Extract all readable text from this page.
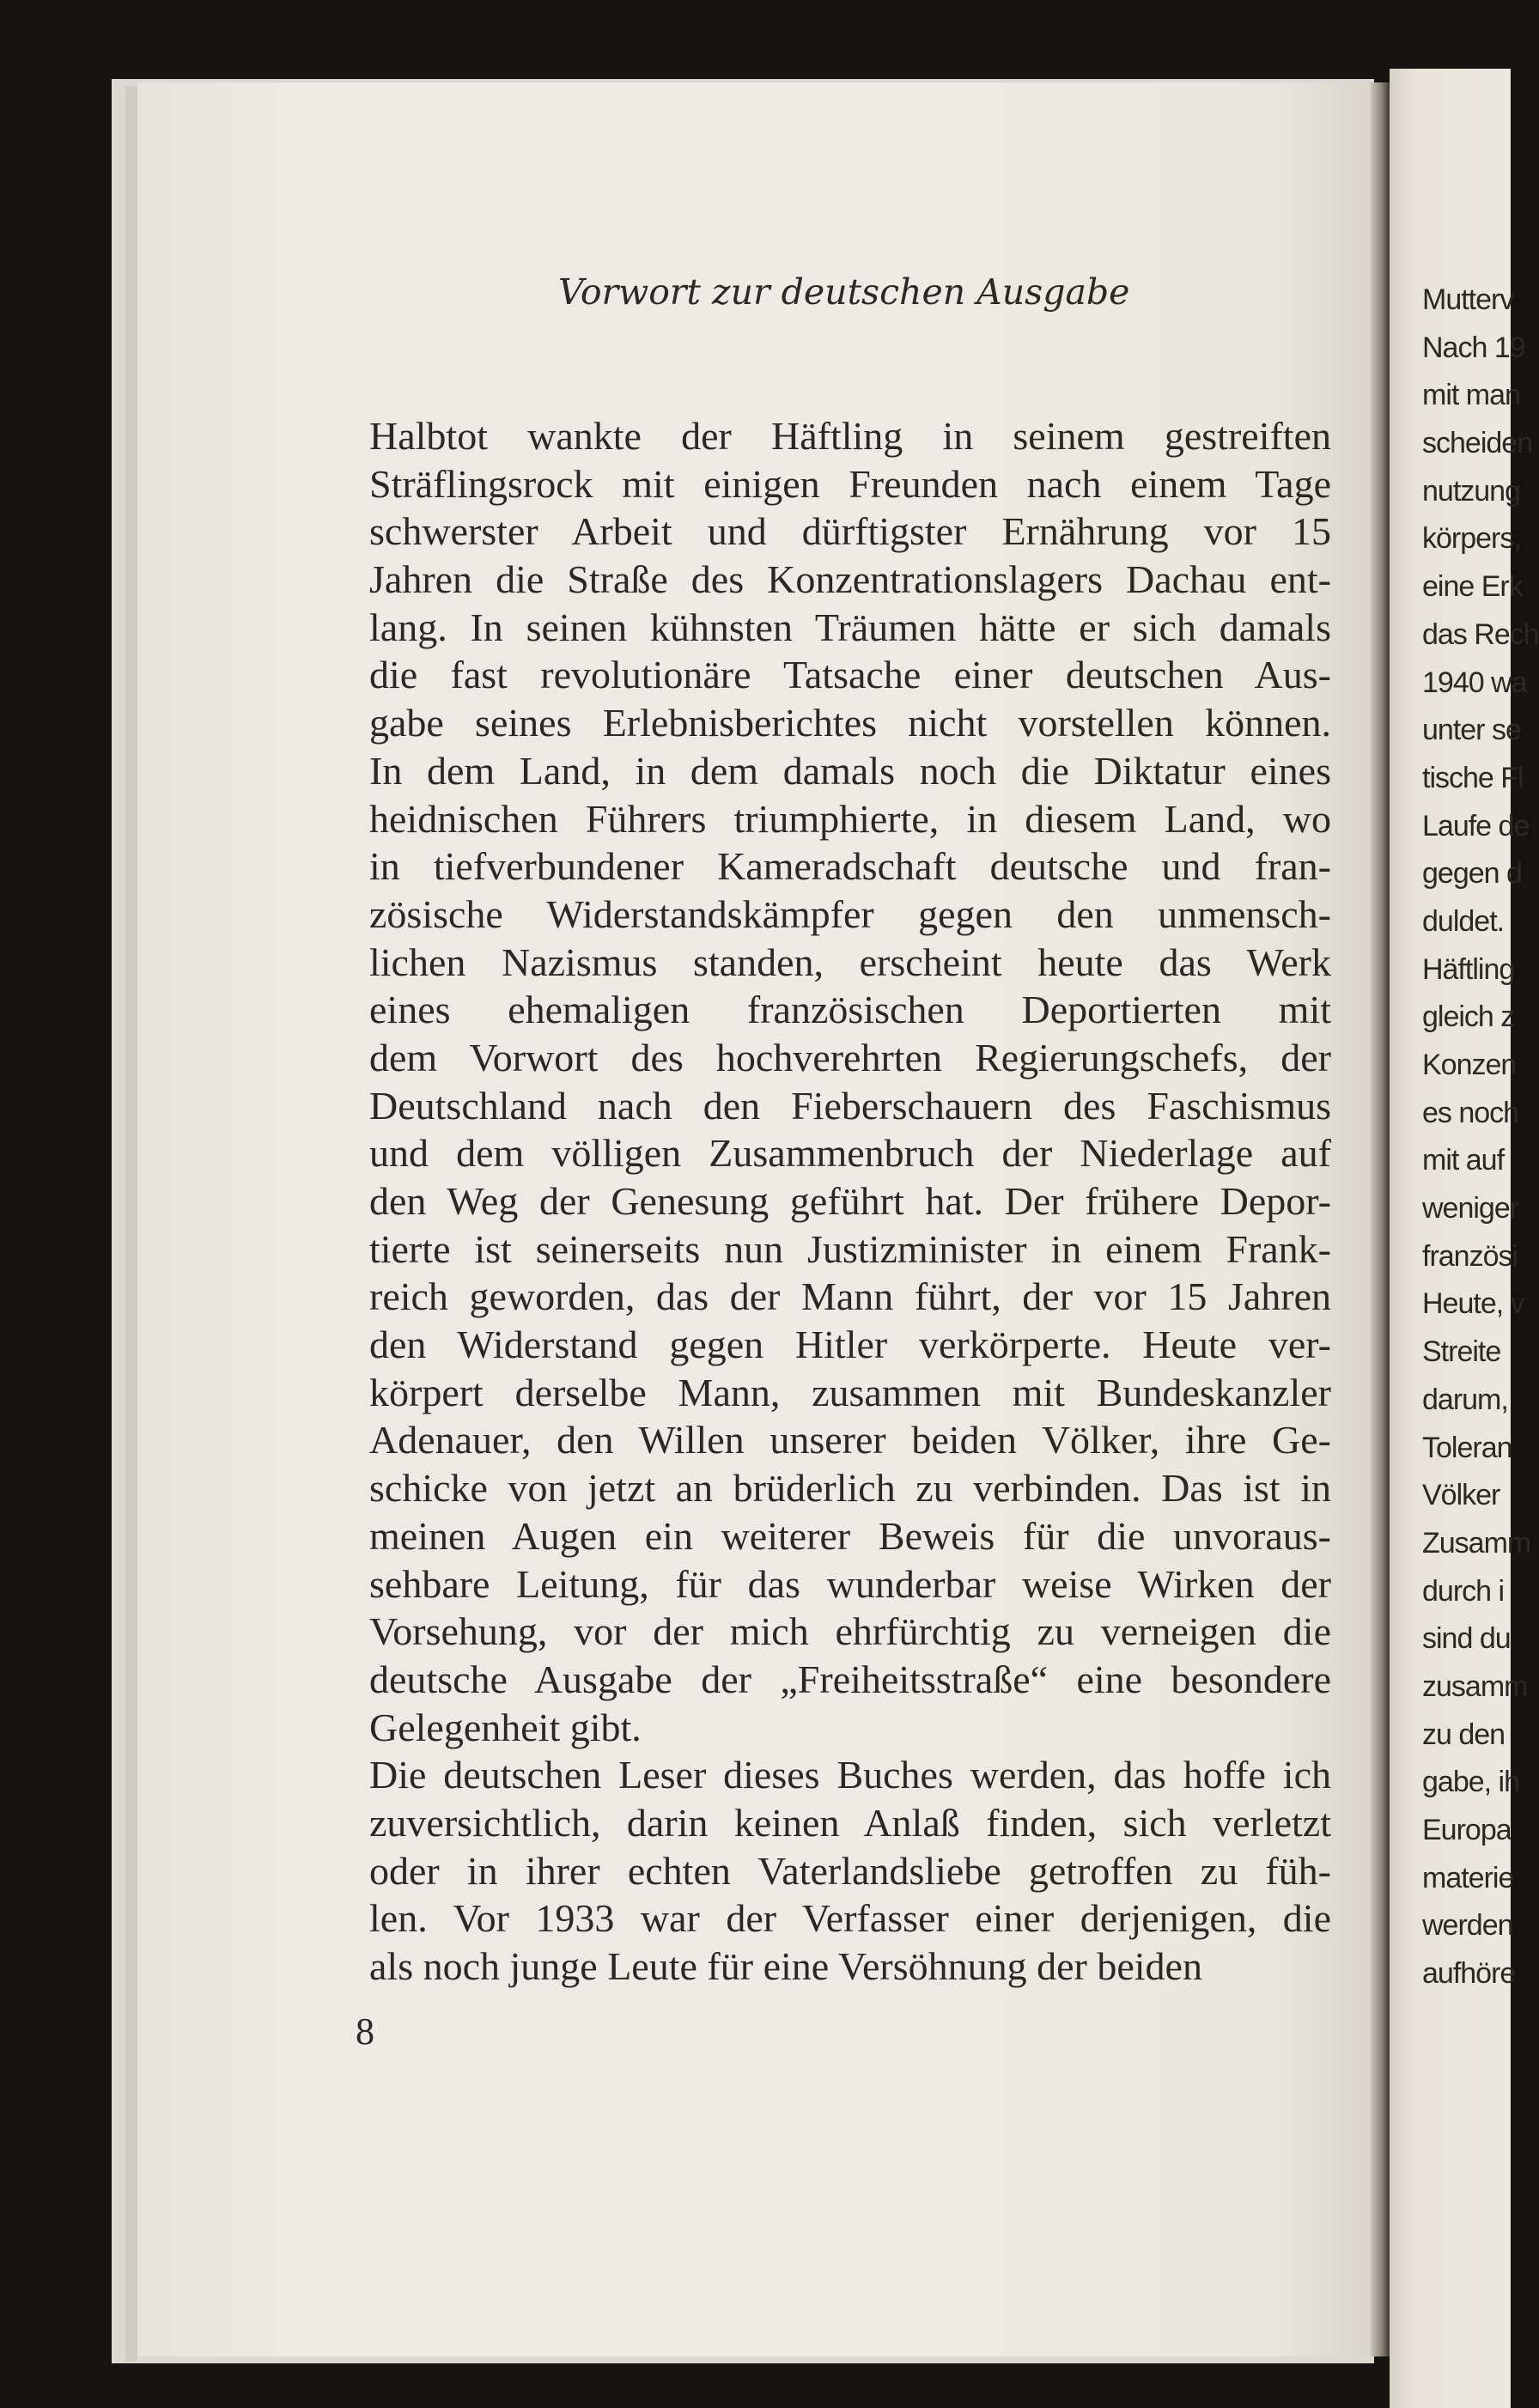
Vorwort zur deutschen Ausgabe
Halbtot wankte der Häftling in seinem gestreiften
Sträflingsrock mit einigen Freunden nach einem Tage
schwerster Arbeit und dürftigster Ernährung vor 15
Jahren die Straße des Konzentrationslagers Dachau ent-
lang. In seinen kühnsten Träumen hätte er sich damals
die fast revolutionäre Tatsache einer deutschen Aus-
gabe seines Erlebnisberichtes nicht vorstellen können.
In dem Land, in dem damals noch die Diktatur eines
heidnischen Führers triumphierte, in diesem Land, wo
in tiefverbundener Kameradschaft deutsche und fran-
zösische Widerstandskämpfer gegen den unmensch-
lichen Nazismus standen, erscheint heute das Werk
eines ehemaligen französischen Deportierten mit
dem Vorwort des hochverehrten Regierungschefs, der
Deutschland nach den Fieberschauern des Faschismus
und dem völligen Zusammenbruch der Niederlage auf
den Weg der Genesung geführt hat. Der frühere Depor-
tierte ist seinerseits nun Justizminister in einem Frank-
reich geworden, das der Mann führt, der vor 15 Jahren
den Widerstand gegen Hitler verkörperte. Heute ver-
körpert derselbe Mann, zusammen mit Bundeskanzler
Adenauer, den Willen unserer beiden Völker, ihre Ge-
schicke von jetzt an brüderlich zu verbinden. Das ist in
meinen Augen ein weiterer Beweis für die unvoraus-
sehbare Leitung, für das wunderbar weise Wirken der
Vorsehung, vor der mich ehrfürchtig zu verneigen die
deutsche Ausgabe der „Freiheitsstraße“ eine besondere
Gelegenheit gibt.
Die deutschen Leser dieses Buches werden, das hoffe ich
zuversichtlich, darin keinen Anlaß finden, sich verletzt
oder in ihrer echten Vaterlandsliebe getroffen zu füh-
len. Vor 1933 war der Verfasser einer derjenigen, die
als noch junge Leute für eine Versöhnung der beiden
8
Mutterv
Nach 19
mit man
scheiden
nutzung
körpers,
eine Erk
das Rech
1940 wa
unter se
tische Fl
Laufe de
gegen d
duldet.
Häftling
gleich z
Konzen
es noch
mit auf
weniger
französi
Heute, v
Streite
darum,
Toleran
Völker
Zusamm
durch i
sind du
zusamm
zu den
gabe, ih
Europa
materie
werden
aufhöre
